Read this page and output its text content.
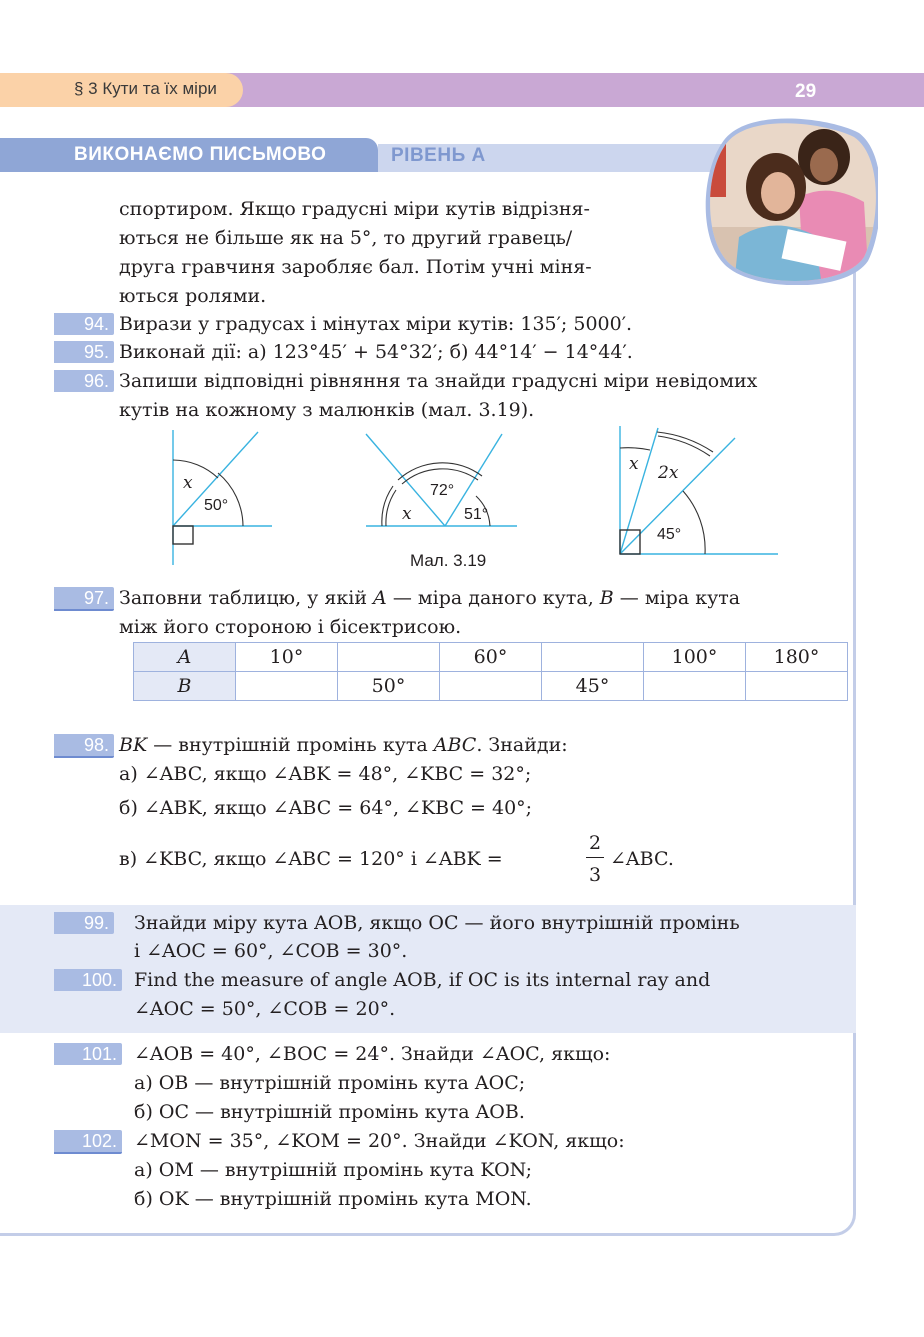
§ 3 Кути та їх міри	29
ВИКОНАЄМО ПИСЬМОВО	РІВЕНЬ А
спортиром. Якщо градусні міри кутів відрізня-
ються не більше як на 5°, то другий гравець/
друга гравчиня заробляє бал. Потім учні міня-
ються ролями.
94. Вирази у градусах і мінутах міри кутів: 135′; 5000′.
95. Виконай дії: а) 123°45′ + 54°32′; б) 44°14′ − 14°44′.
96. Запиши відповідні рівняння та знайди градусні міри невідомих
кутів на кожному з малюнків (мал. 3.19).
x
50°
72°
x	51°
x 2x
45°
Мал. 3.19
97. Заповни таблицю, у якій A — міра даного кута, B — міра кута
між його стороною і бісектрисою.
A	10°		60°		100°	180°
B		50°		45°		
98. BK — внутрішній промінь кута ABC. Знайди:
а) ∠ABC, якщо ∠ABK = 48°, ∠KBC = 32°;
б) ∠ABK, якщо ∠ABC = 64°, ∠KBC = 40°;
в) ∠KBC, якщо ∠ABC = 120° і ∠ABK =
2
3
∠ABC.
99. Знайди міру кута AOB, якщо OC — його внутрішній промінь
і ∠AOC = 60°, ∠COB = 30°.
100. Find the measure of angle AOB, if OC is its internal ray and
∠AOC = 50°, ∠COB = 20°.
101. ∠AOB = 40°, ∠BOC = 24°. Знайди ∠AOC, якщо:
а) OB — внутрішній промінь кута AOC;
б) OC — внутрішній промінь кута AOB.
102. ∠MON = 35°, ∠KOM = 20°. Знайди ∠KON, якщо:
а) OM — внутрішній промінь кута KON;
б) OK — внутрішній промінь кута MON.
